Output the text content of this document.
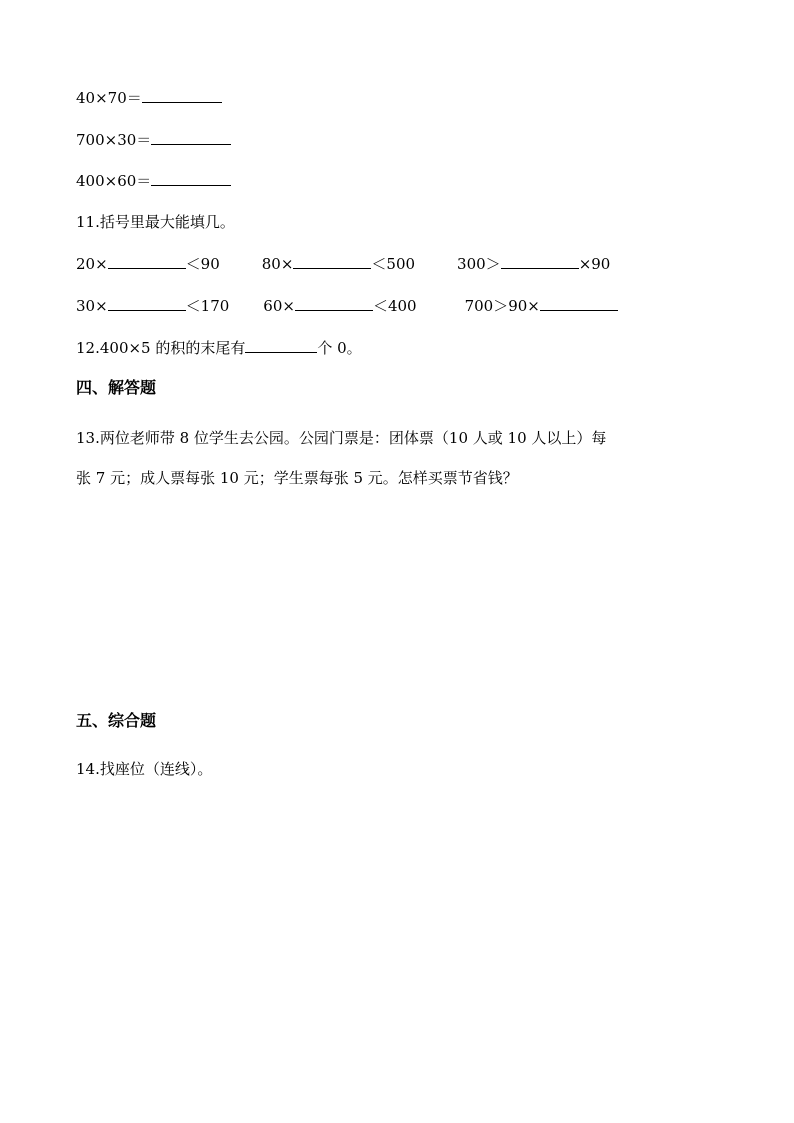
40×70＝
700×30＝
400×60＝
11.括号里最大能填几。
20×	＜90	80×	＜500	300＞	×90
30×	＜170 60×	＜400	700＞90×
12.400×5 的积的末尾有	个 0。
四、解答题
13.两位老师带 8 位学生去公园。公园门票是：团体票（10 人或 10 人以上）每
张 7 元；成人票每张 10 元；学生票每张 5 元。怎样买票节省钱？
五、综合题
14.找座位（连线）。
